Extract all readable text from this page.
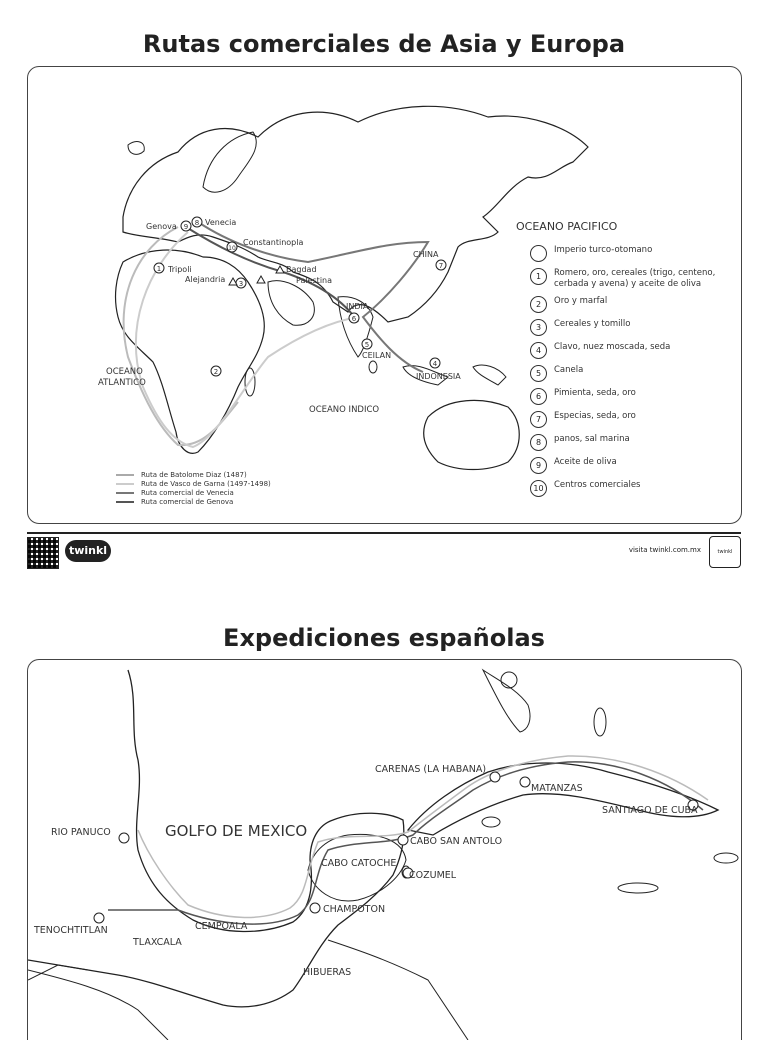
Rutas comerciales de Asia y Europa
Genova	Venecia
Constantinopla
Tripoli
Alejandria
Bagdad
Palestina
CHINA
INDIA
CEILAN
INDONESIA
OCEANO PACIFICO
OCEANO
ATLANTICO
OCEANO INDICO
9 8
10
1
3
7
6
5
4
2
Imperio turco-otomano
1	Romero, oro, cereales (trigo, centeno, cerbada y avena) y aceite de oliva
2	Oro y marfal
3	Cereales y tomillo
4	Clavo, nuez moscada, seda
5	Canela
6	Pimienta, seda, oro
7	Especias, seda, oro
8	panos, sal marina
9	Aceite de oliva
10	Centros comerciales
Ruta de Batolome Diaz (1487)
Ruta de Vasco de Garna (1497-1498)
Ruta comercial de Venecia
Ruta comercial de Genova
twinkl	visita twinkl.com.mx	twinkl
Expediciones españolas
CARENAS (LA HABANA)
MATANZAS
SANTIAGO DE CUBA
RIO PANUCO	GOLFO DE MEXICO
CABO SAN ANTOLO
CABO CATOCHE
COZUMEL
CHAMPOTON
CEMPOALA
TENOCHTITLAN
TLAXCALA
HIBUERAS
